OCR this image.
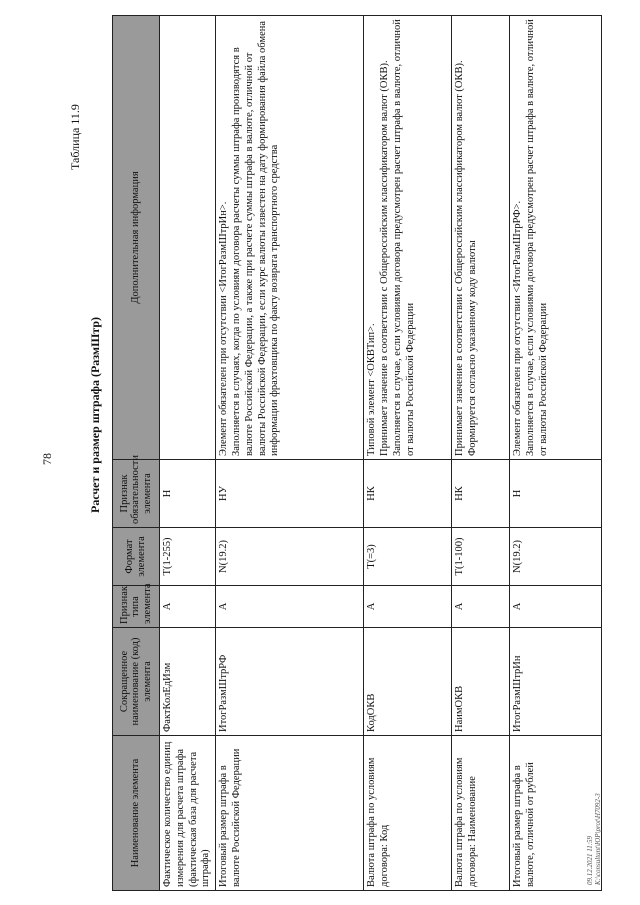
78
Таблица 11.9
Расчет и размер штрафа (РазмШтр)
Наименование элемента	Сокращенное наименование (код) элемента	Признак типа элемента	Формат элемента	Признак обязательности элемента	Дополнительная информация
Фактическое количество единиц измерения для расчета штрафа (фактическая база для расчета штрафа)	ФактКолЕдИзм	А	T(1-255)	Н	
Итоговый размер штрафа в валюте Российской Федерации	ИтогРазмШтрРФ	А	N(19.2)	НУ	Элемент обязателен при отсутствии <ИтогРазмШтрИн>. Заполняется в случаях, когда по условиям договора расчеты суммы штрафа производятся в валюте Российской Федерации, а также при расчете суммы штрафа в валюте, отличной от валюты Российской Федерации, если курс валюты известен на дату формирования файла обмена информации фрахтовщика по факту возврата транспортного средства

Валюта штрафа по условиям договора: Код	КодОКВ	А	T(=3)	НК	Типовой элемент <ОКВТип>. Принимает значение в соответствии с Общероссийским классификатором валют (ОКВ). Заполняется в случае, если условиями договора предусмотрен расчет штрафа в валюте, отличной от валюты Российской Федерации

Валюта штрафа по условиям договора: Наименование	НаимОКВ	А	T(1-100)	НК	Принимает значение в соответствии с Общероссийским классификатором валют (ОКВ). Формируется согласно указанному коду валюты

Итоговый размер штрафа в валюте, отличной от рублей	ИтогРазмШтрИн	А	N(19.2)	Н	Элемент обязателен при отсутствии <ИтогРазмШтрРФ>. Заполняется в случае, если условиями договора предусмотрен расчет штрафа в валюте, отличной от валюты Российской Федерации
09.12.2021 11:59 К:\consultant\ЮР\prot\Н7092-3
